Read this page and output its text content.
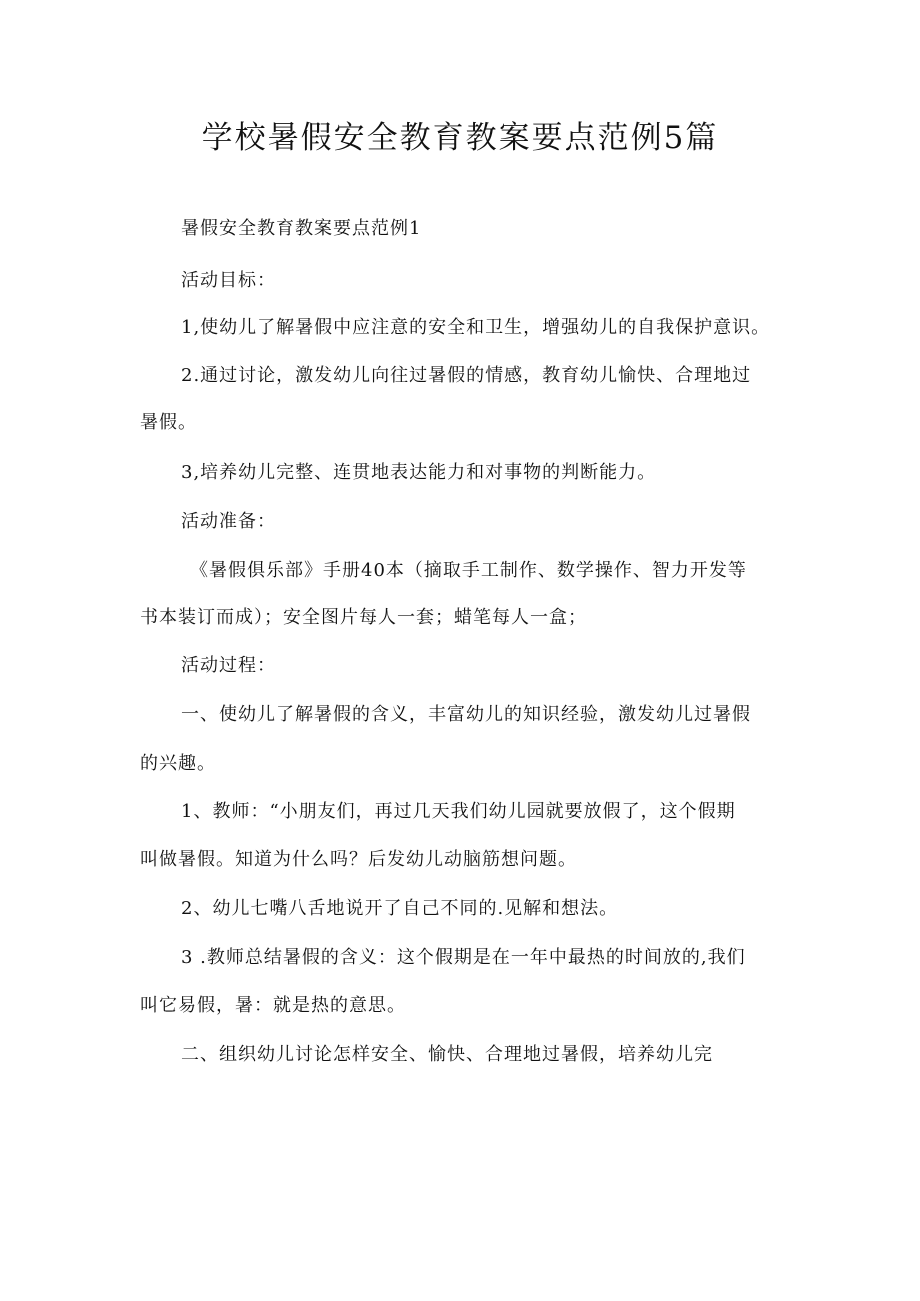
学校暑假安全教育教案要点范例5篇
暑假安全教育教案要点范例1
活动目标：
1,使幼儿了解暑假中应注意的安全和卫生，增强幼儿的自我保护意识。
2.通过讨论，激发幼儿向往过暑假的情感，教育幼儿愉快、合理地过
暑假。
3,培养幼儿完整、连贯地表达能力和对事物的判断能力。
活动准备：
《暑假俱乐部》手册40本（摘取手工制作、数学操作、智力开发等
书本装订而成）；安全图片每人一套；蜡笔每人一盒；
活动过程：
一、使幼儿了解暑假的含义，丰富幼儿的知识经验，激发幼儿过暑假
的兴趣。
1、教师：“小朋友们，再过几天我们幼儿园就要放假了，这个假期
叫做暑假。知道为什么吗？后发幼儿动脑筋想问题。
2、幼儿七嘴八舌地说开了自己不同的.见解和想法。
3 .教师总结暑假的含义：这个假期是在一年中最热的时间放的,我们
叫它易假，暑：就是热的意思。
二、组织幼儿讨论怎样安全、愉快、合理地过暑假，培养幼儿完
